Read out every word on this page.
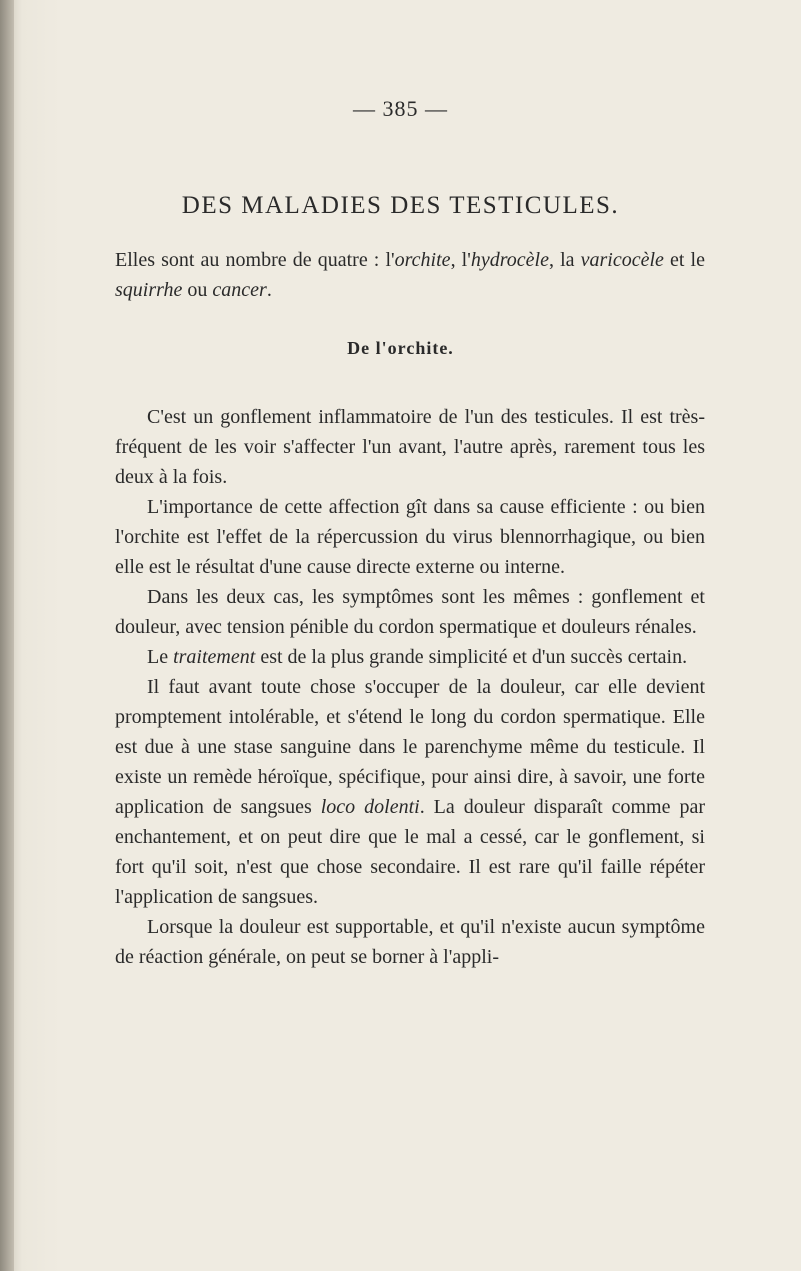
— 385 —
DES MALADIES DES TESTICULES.

Elles sont au nombre de quatre : l'orchite, l'hydrocèle, la varicocèle et le squirrhe ou cancer.

De l'orchite.

C'est un gonflement inflammatoire de l'un des testicules. Il est très-fréquent de les voir s'affecter l'un avant, l'autre après, rarement tous les deux à la fois.

L'importance de cette affection gît dans sa cause efficiente : ou bien l'orchite est l'effet de la répercussion du virus blennorrhagique, ou bien elle est le résultat d'une cause directe externe ou interne.

Dans les deux cas, les symptômes sont les mêmes : gonflement et douleur, avec tension pénible du cordon spermatique et douleurs rénales.

Le traitement est de la plus grande simplicité et d'un succès certain.

Il faut avant toute chose s'occuper de la douleur, car elle devient promptement intolérable, et s'étend le long du cordon spermatique. Elle est due à une stase sanguine dans le parenchyme même du testicule. Il existe un remède héroïque, spécifique, pour ainsi dire, à savoir, une forte application de sangsues loco dolenti. La douleur disparaît comme par enchantement, et on peut dire que le mal a cessé, car le gonflement, si fort qu'il soit, n'est que chose secondaire. Il est rare qu'il faille répéter l'application de sangsues.

Lorsque la douleur est supportable, et qu'il n'existe aucun symptôme de réaction générale, on peut se borner à l'appli-
